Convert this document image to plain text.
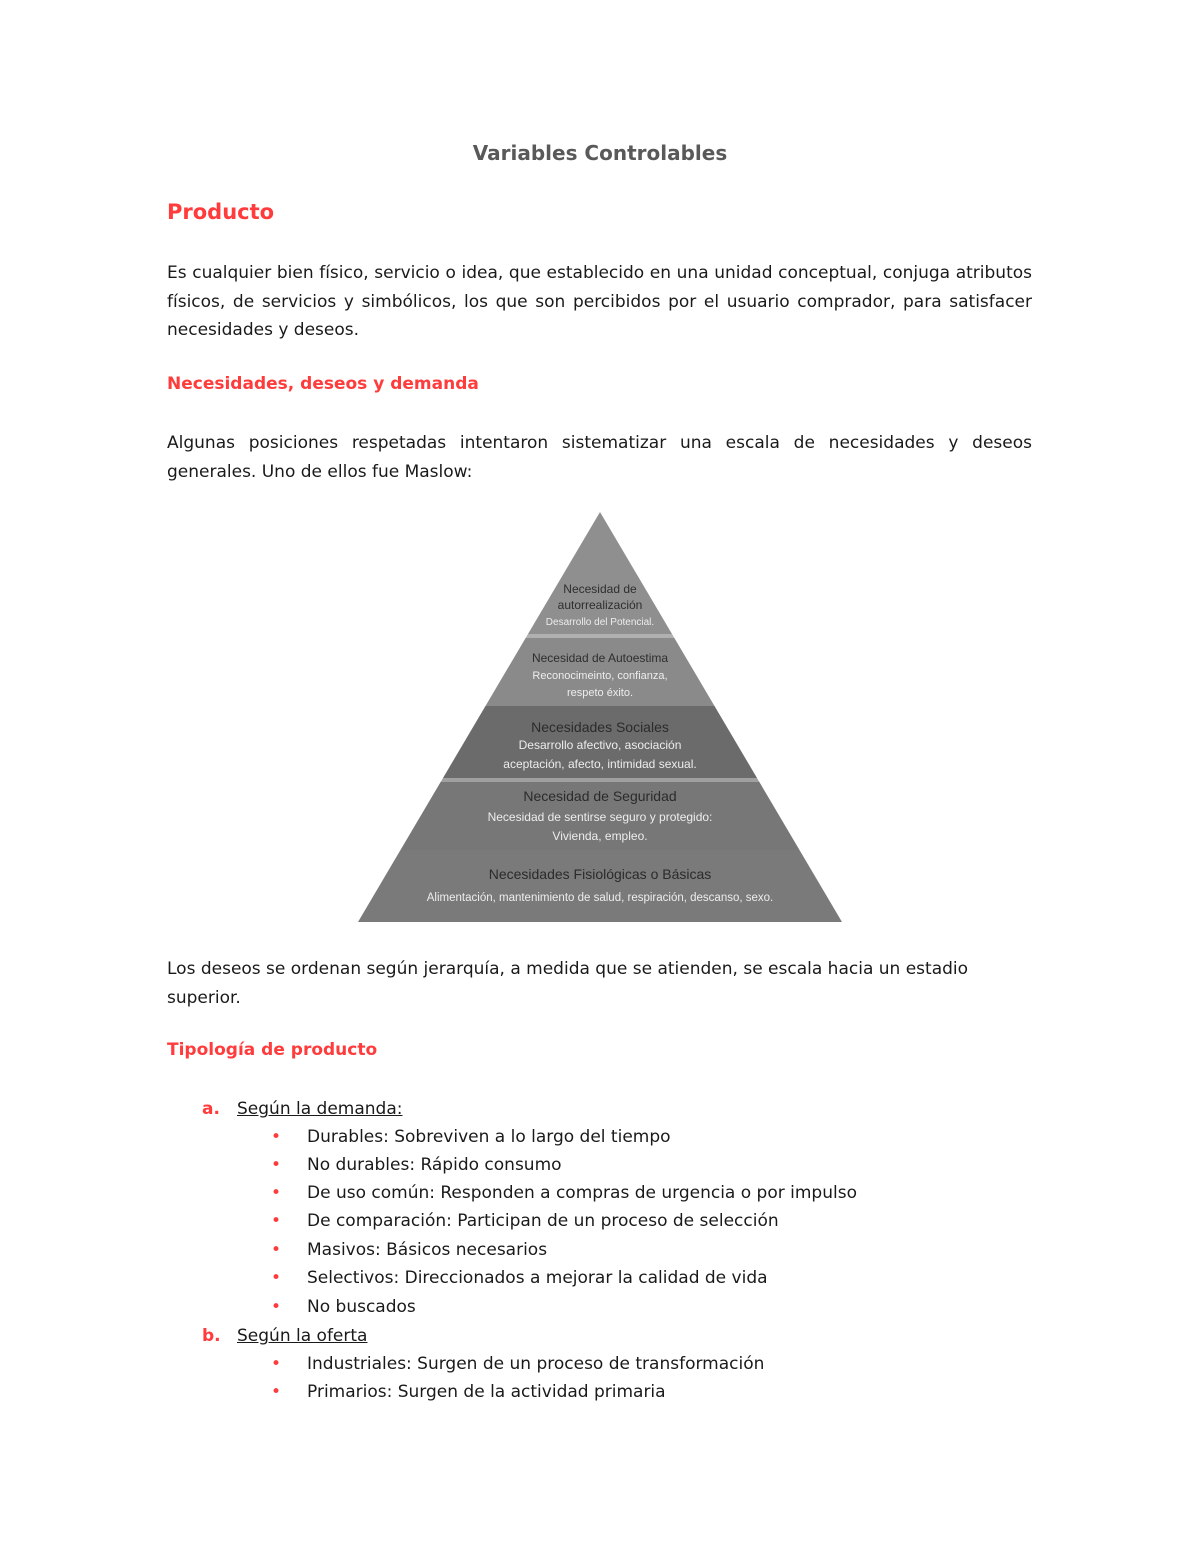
Variables Controlables
Producto
Es cualquier bien físico, servicio o idea, que establecido en una unidad conceptual, conjuga atributos físicos, de servicios y simbólicos, los que son percibidos por el usuario comprador, para satisfacer necesidades y deseos.
Necesidades, deseos y demanda
Algunas posiciones respetadas intentaron sistematizar una escala de necesidades y deseos generales. Uno de ellos fue Maslow:
Necesidad de
autorrealización
Desarrollo del Potencial.
Necesidad de Autoestima
Reconocimeinto, confianza,
respeto éxito.
Necesidades Sociales
Desarrollo afectivo, asociación
aceptación, afecto, intimidad sexual.
Necesidad de Seguridad
Necesidad de sentirse seguro y protegido:
Vivienda, empleo.
Necesidades Fisiológicas o Básicas
Alimentación, mantenimiento de salud, respiración, descanso, sexo.
Los deseos se ordenan según jerarquía, a medida que se atienden, se escala hacia un estadio superior.
Tipología de producto
a. Según la demanda:
• Durables: Sobreviven a lo largo del tiempo
• No durables: Rápido consumo
• De uso común: Responden a compras de urgencia o por impulso
• De comparación: Participan de un proceso de selección
• Masivos: Básicos necesarios
• Selectivos: Direccionados a mejorar la calidad de vida
• No buscados
b. Según la oferta
• Industriales: Surgen de un proceso de transformación
• Primarios: Surgen de la actividad primaria
